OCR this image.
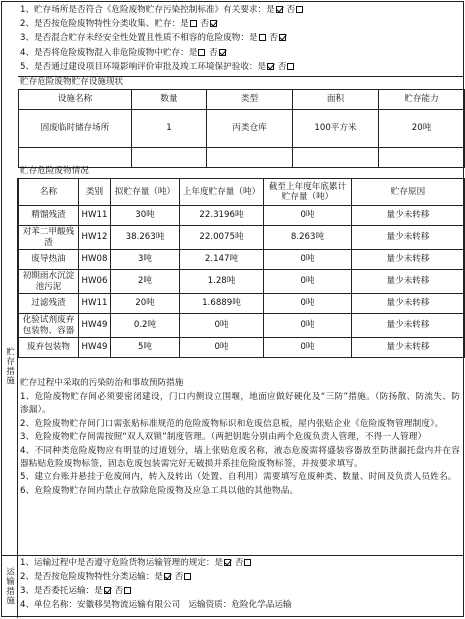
1、贮存场所是否符合《危险废物贮存污染控制标准》有关要求：是 否
2、是否按危险废物特性分类收集、贮存：是 否
3、是否混合贮存未经安全性处置且性质不相容的危险废物：是 否
4、是否将危险废物混入非危险废物中贮存：是 否
5、是否通过建设项目环境影响评价审批及竣工环境保护验收：是 否
贮存危险废物贮存设施现状
设施名称	数量	类型	面积	贮存能力
固废临时储存场所	1	丙类仓库	100平方米	20吨

贮存危险废物情况
名称	类别	拟贮存量（吨）	上年度贮存量（吨）	截至上年度年底累计贮存量（吨）	贮存原因
精馏残渣	HW11	30吨	22.3196吨	0吨	量少未转移
对苯二甲酸残渣	HW12	38.263吨	22.0075吨	8.263吨	量少未转移
废导热油	HW08	3吨	2.147吨	0吨	量少未转移
初期雨水沉淀池污泥	HW06	2吨	1.28吨	0吨	量少未转移
过滤残渣	HW11	20吨	1.6889吨	0吨	量少未转移
化验试剂废弃包装物、容器	HW49	0.2吨	0吨	0吨	量少未转移
废弃包装物	HW49	5吨	0吨	0吨	量少未转移
贮存过程中采取的污染防治和事故预防措施
1、危险废物贮存间必须要密闭建设，门口内侧设立围堰，地面应做好硬化及“三防”措施。（防扬散、防流失、防渗漏）。
2、危险废物贮存间门口需张贴标准规范的危险废物标识和危废信息板，屋内张贴企业《危险废物管理制度》。
3、危险废物贮存间需按照“双人双锁”制度管理。（两把钥匙分别由两个危废负责人管理，不得一人管理）
4、不同种类危险废物应有明显的过道划分，墙上张贴危废名称，液态危废需将盛装容器放至防泄漏托盘内并在容器粘贴危险废物标签，固态危废包装需完好无破损并系挂危险废物标签，并按要求填写。
5、建立台账并悬挂于危废间内，转入及转出（处置、自利用）需要填写危废种类、数量、时间及负责人员姓名。
6、危险废物贮存间内禁止存放除危险废物及应急工具以他的其他物品。
贮存措施
运输措施
1、运输过程中是否遵守危险货物运输管理的规定：是 否
2、是否按危险废物特性分类运输：是 否
3、是否委托运输：是 否
4、单位名称：安徽移昊物流运输有限公司 运输资质：危险化学品运输
